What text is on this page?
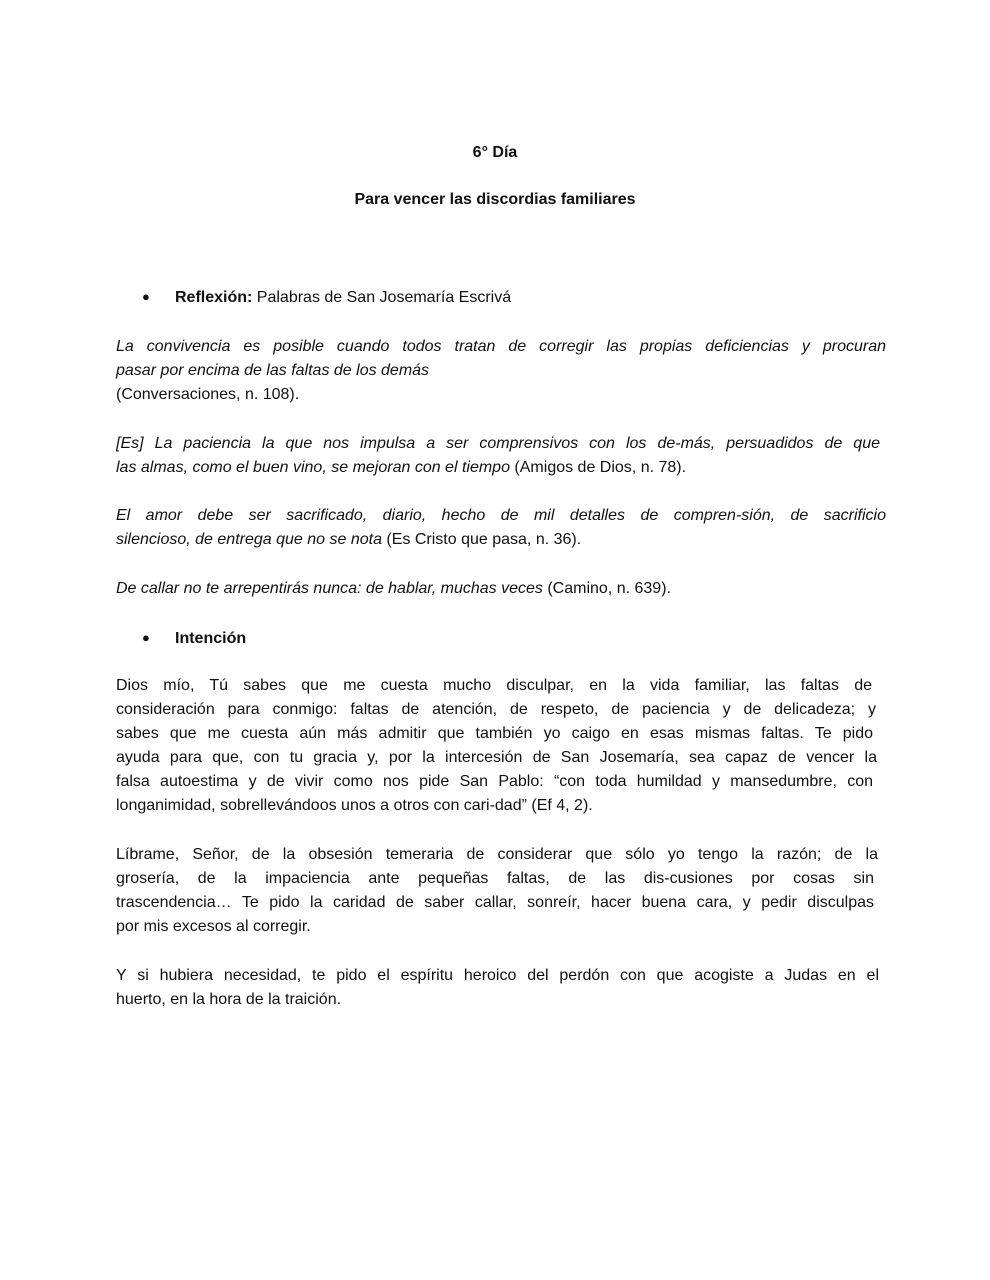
6° Día
Para vencer las discordias familiares
● Reflexión: Palabras de San Josemaría Escrivá
La convivencia es posible cuando todos tratan de corregir las propias deficiencias y procuran
pasar por encima de las faltas de los demás
(Conversaciones, n. 108).
[Es] La paciencia la que nos impulsa a ser comprensivos con los de-más, persuadidos de que
las almas, como el buen vino, se mejoran con el tiempo (Amigos de Dios, n. 78).
El amor debe ser sacrificado, diario, hecho de mil detalles de compren-sión, de sacrificio
silencioso, de entrega que no se nota (Es Cristo que pasa, n. 36).
De callar no te arrepentirás nunca: de hablar, muchas veces (Camino, n. 639).
● Intención
Dios mío, Tú sabes que me cuesta mucho disculpar, en la vida familiar, las faltas de
consideración para conmigo: faltas de atención, de respeto, de paciencia y de delicadeza; y
sabes que me cuesta aún más admitir que también yo caigo en esas mismas faltas. Te pido
ayuda para que, con tu gracia y, por la intercesión de San Josemaría, sea capaz de vencer la
falsa autoestima y de vivir como nos pide San Pablo: “con toda humildad y mansedumbre, con
longanimidad, sobrellevándoos unos a otros con cari-dad” (Ef 4, 2).
Líbrame, Señor, de la obsesión temeraria de considerar que sólo yo tengo la razón; de la
grosería, de la impaciencia ante pequeñas faltas, de las dis-cusiones por cosas sin
trascendencia… Te pido la caridad de saber callar, sonreír, hacer buena cara, y pedir disculpas
por mis excesos al corregir.
Y si hubiera necesidad, te pido el espíritu heroico del perdón con que acogiste a Judas en el
huerto, en la hora de la traición.
